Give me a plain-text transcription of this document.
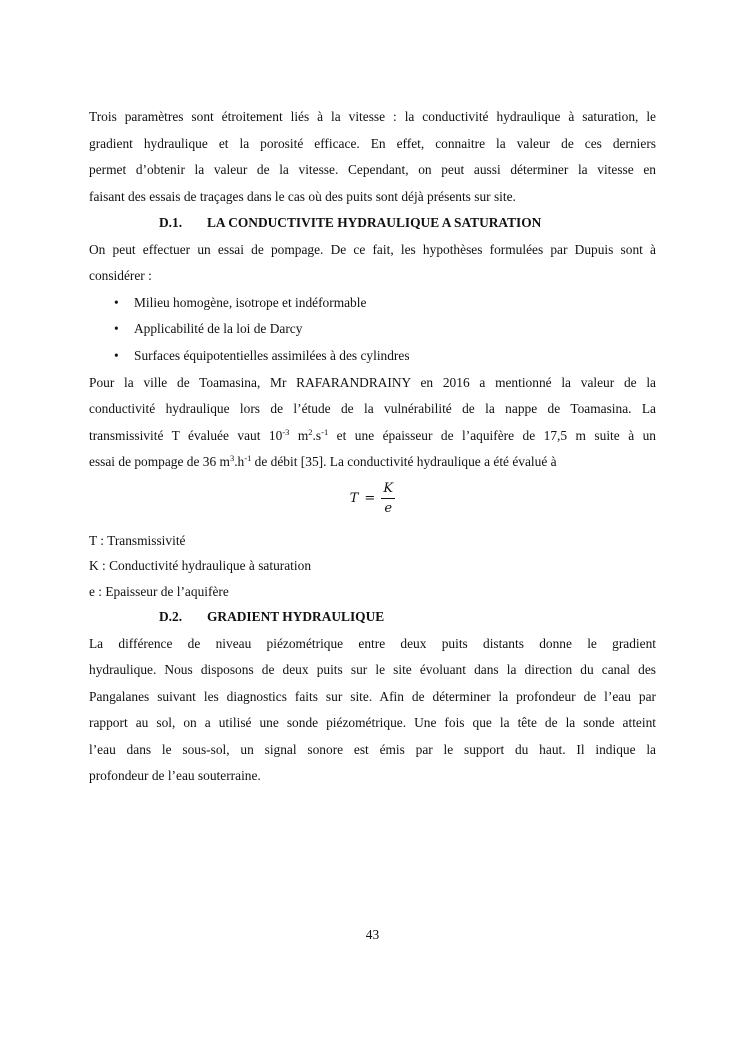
Trois paramètres sont étroitement liés à la vitesse : la conductivité hydraulique à saturation, le

gradient hydraulique et la porosité efficace. En effet, connaitre la valeur de ces derniers

permet d’obtenir la valeur de la vitesse. Cependant, on peut aussi déterminer la vitesse en

faisant des essais de traçages dans le cas où des puits sont déjà présents sur site.

D.1. LA CONDUCTIVITE HYDRAULIQUE A SATURATION

On peut effectuer un essai de pompage. De ce fait, les hypothèses formulées par Dupuis sont à

considérer :

• Milieu homogène, isotrope et indéformable
• Applicabilité de la loi de Darcy
• Surfaces équipotentielles assimilées à des cylindres

Pour la ville de Toamasina, Mr RAFARANDRAINY en 2016 a mentionné la valeur de la

conductivité hydraulique lors de l’étude de la vulnérabilité de la nappe de Toamasina. La

transmissivité T évaluée vaut $10^{-3}$ $m^2.s^{-1}$ et une épaisseur de l’aquifère de 17,5 m suite à un

essai de pompage de 36 $m^3.h^{-1}$ de débit [35]. La conductivité hydraulique a été évalué à

$T = \frac{K}{e}$

T : Transmissivité

K : Conductivité hydraulique à saturation

e : Epaisseur de l’aquifère

D.2. GRADIENT HYDRAULIQUE

La différence de niveau piézométrique entre deux puits distants donne le gradient

hydraulique. Nous disposons de deux puits sur le site évoluant dans la direction du canal des

Pangalanes suivant les diagnostics faits sur site. Afin de déterminer la profondeur de l’eau par

rapport au sol, on a utilisé une sonde piézométrique. Une fois que la tête de la sonde atteint

l’eau dans le sous-sol, un signal sonore est émis par le support du haut. Il indique la

profondeur de l’eau souterraine.

43
